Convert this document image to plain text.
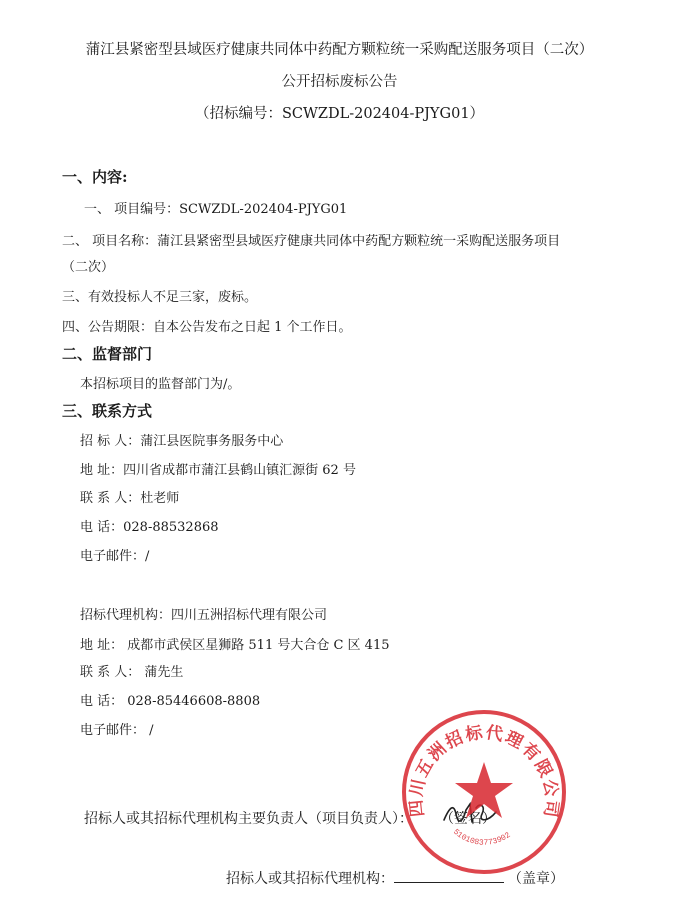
蒲江县紧密型县域医疗健康共同体中药配方颗粒统一采购配送服务项目（二次）
公开招标废标公告
（招标编号：SCWZDL-202404-PJYG01）
一、内容:
一、 项目编号：SCWZDL-202404-PJYG01
二、 项目名称：蒲江县紧密型县域医疗健康共同体中药配方颗粒统一采购配送服务项目
（二次）
三、有效投标人不足三家，废标。
四、公告期限：自本公告发布之日起 1 个工作日。
二、监督部门
本招标项目的监督部门为/。
三、联系方式
招 标 人：蒲江县医院事务服务中心
地 址：四川省成都市蒲江县鹤山镇汇源街 62 号
联 系 人：杜老师
电 话：028-88532868
电子邮件：/
招标代理机构：四川五洲招标代理有限公司
地 址： 成都市武侯区星狮路 511 号大合仓 C 区 415
联 系 人： 蒲先生
电 话： 028-85446608-8808
电子邮件： /
招标人或其招标代理机构主要负责人（项目负责人）： （签名）
招标人或其招标代理机构：	（盖章）
四川五洲招标代理有限公司
5101083773902
